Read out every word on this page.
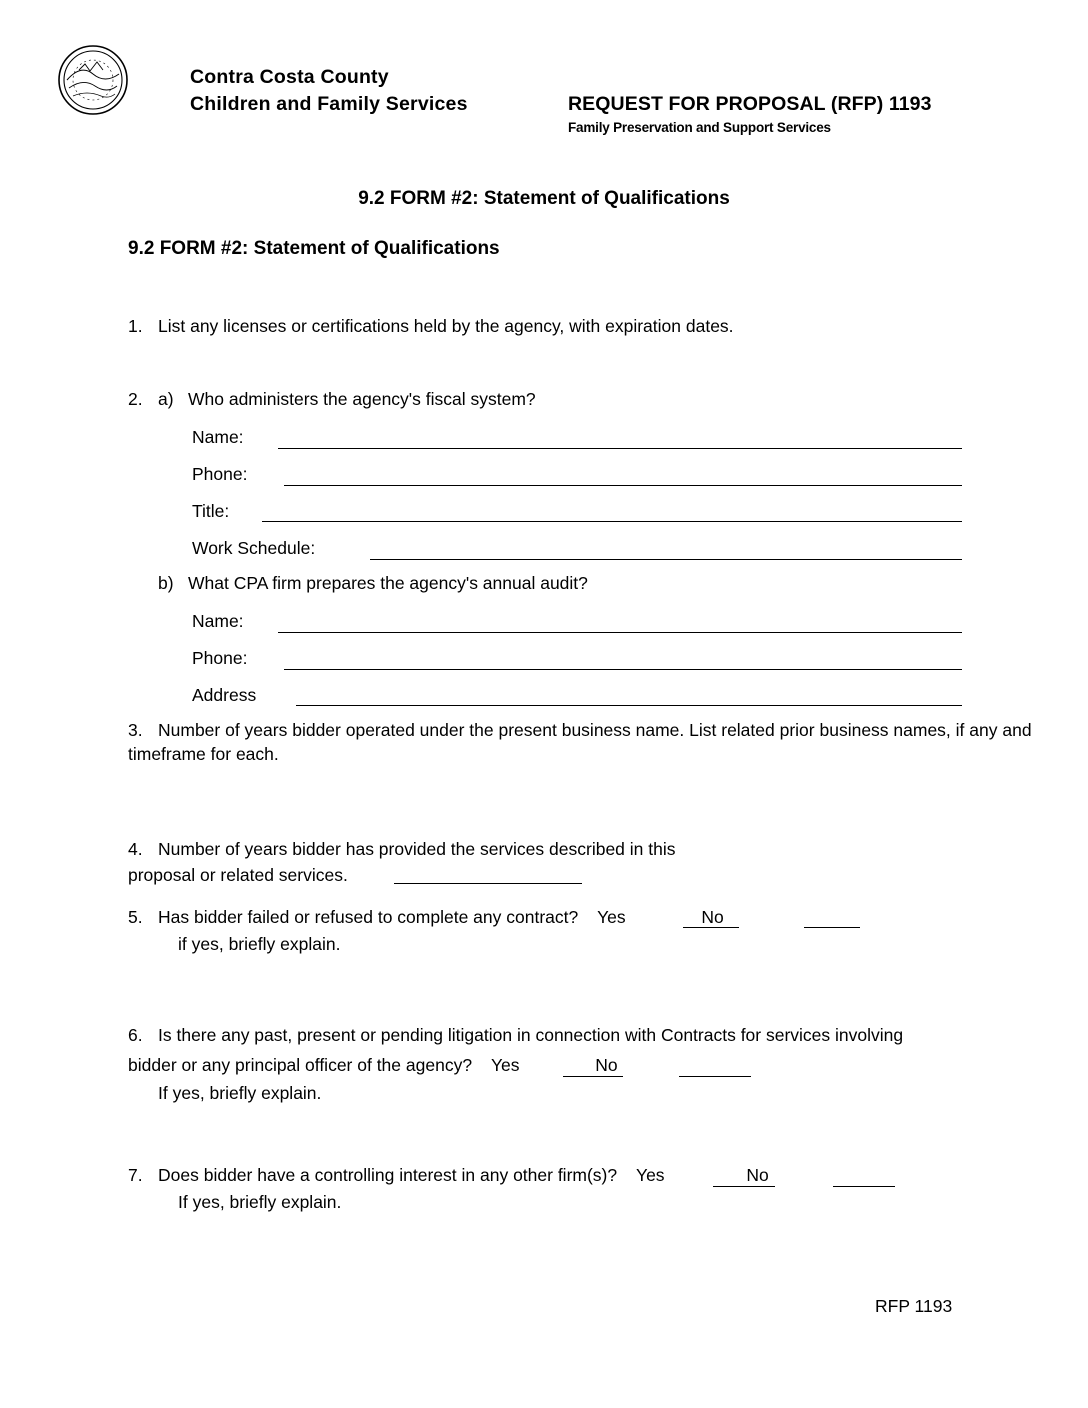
Contra Costa County
Children and Family Services	REQUEST FOR PROPOSAL (RFP) 1193
Family Preservation and Support Services
9.2 FORM #2: Statement of Qualifications
9.2 FORM #2: Statement of Qualifications
1. List any licenses or certifications held by the agency, with expiration dates.
2. a) Who administers the agency's fiscal system?
Name:
Phone:
Title:
Work Schedule:
b) What CPA firm prepares the agency's annual audit?
Name:
Phone:
Address
3. Number of years bidder operated under the present business name. List related prior business names, if any and timeframe for each.
4. Number of years bidder has provided the services described in this
proposal or related services.
5. Has bidder failed or refused to complete any contract? Yes	No
if yes, briefly explain.
6. Is there any past, present or pending litigation in connection with Contracts for services involving
bidder or any principal officer of the agency? Yes	No
If yes, briefly explain.
7. Does bidder have a controlling interest in any other firm(s)? Yes	No
If yes, briefly explain.
RFP 1193
